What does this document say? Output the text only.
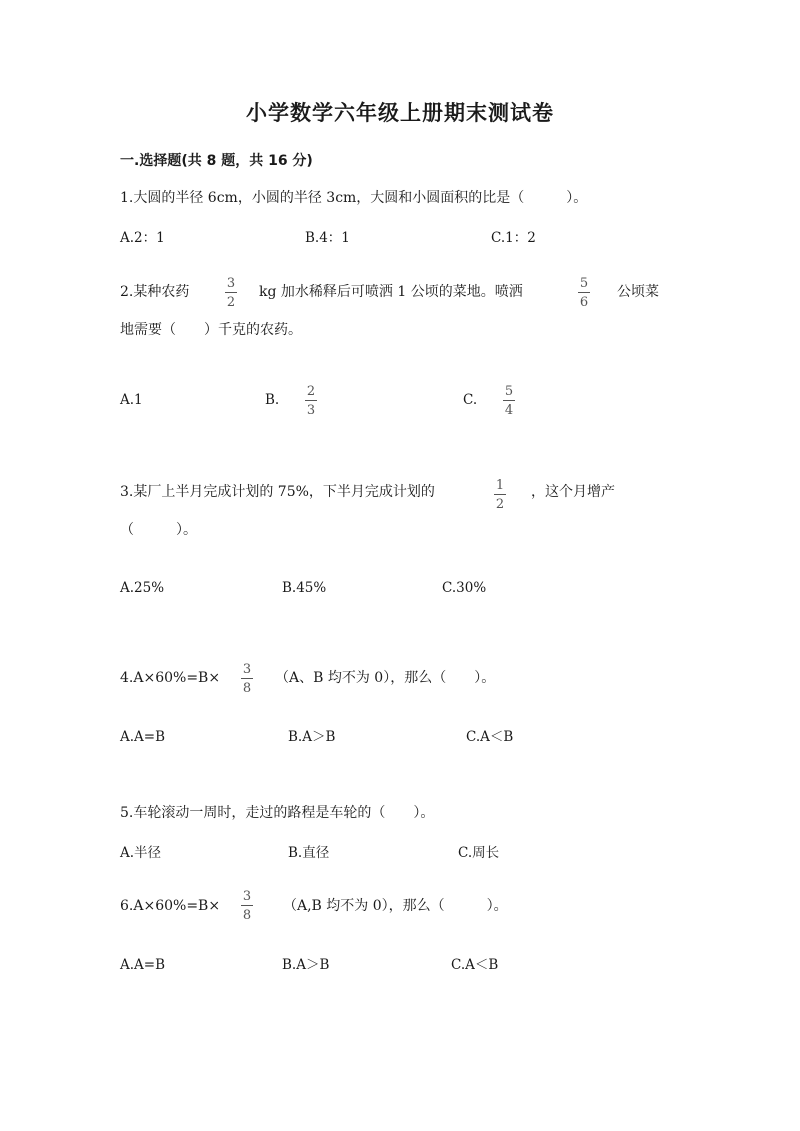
小学数学六年级上册期末测试卷
一.选择题(共 8 题，共 16 分)
1.大圆的半径 6cm，小圆的半径 3cm，大圆和小圆面积的比是（　　　）。
A.2：1	B.4：1	C.1：2
2.某种农药
3
2
kg 加水稀释后可喷洒 1 公顷的菜地。喷洒
5
6
公顷菜
地需要（　　）千克的农药。
A.1	B.
2
3
C.
5
4
3.某厂上半月完成计划的 75%，下半月完成计划的	1
2
，这个月增产
（　　　）。
A.25%	B.45%	C.30%
4.A×60%=B×
3
8
（A、B 均不为 0），那么（　　）。
A.A=B	B.A＞B	C.A＜B
5.车轮滚动一周时，走过的路程是车轮的（　　）。
A.半径	B.直径	C.周长
6.A×60%=B×
3
8
（A,B 均不为 0），那么（　　　）。
A.A=B	B.A＞B	C.A＜B
